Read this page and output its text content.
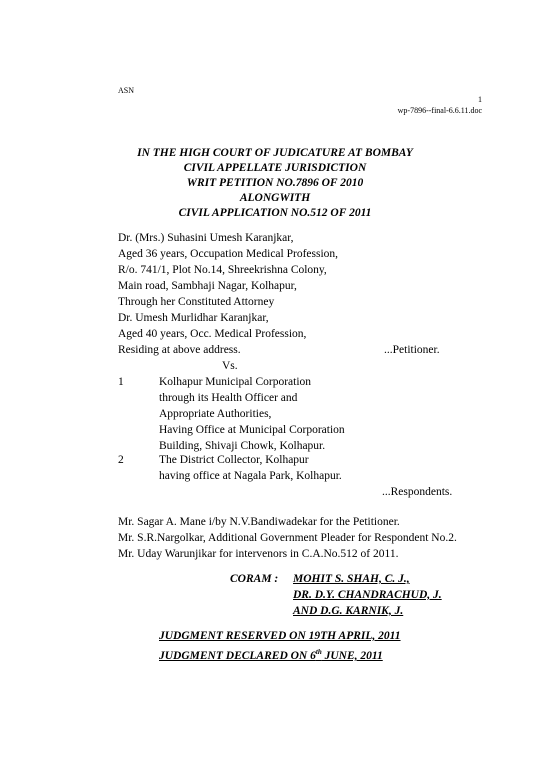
ASN
1
wp-7896--final-6.6.11.doc
IN THE HIGH COURT OF JUDICATURE AT BOMBAY
CIVIL APPELLATE JURISDICTION
WRIT PETITION NO.7896 OF 2010
ALONGWITH
CIVIL APPLICATION NO.512 OF 2011
Dr. (Mrs.) Suhasini Umesh Karanjkar,
Aged 36 years, Occupation Medical Profession,
R/o. 741/1, Plot No.14, Shreekrishna Colony,
Main road, Sambhaji Nagar, Kolhapur,
Through her Constituted Attorney
Dr. Umesh Murlidhar Karanjkar,
Aged 40 years, Occ. Medical Profession,
Residing at above address.	...Petitioner.
Vs.
1	Kolhapur Municipal Corporation
through its Health Officer and
Appropriate Authorities,
Having Office at Municipal Corporation
Building, Shivaji Chowk, Kolhapur.
2	The District Collector, Kolhapur
having office at Nagala Park, Kolhapur.
...Respondents.
Mr. Sagar A. Mane i/by N.V.Bandiwadekar for the Petitioner.
Mr. S.R.Nargolkar, Additional Government Pleader for Respondent No.2.
Mr. Uday Warunjikar for intervenors in C.A.No.512 of 2011.
CORAM : MOHIT S. SHAH, C. J.,
DR. D.Y. CHANDRACHUD, J.
AND D.G. KARNIK, J.
JUDGMENT RESERVED ON 19TH APRIL, 2011
JUDGMENT DECLARED ON 6th JUNE, 2011
